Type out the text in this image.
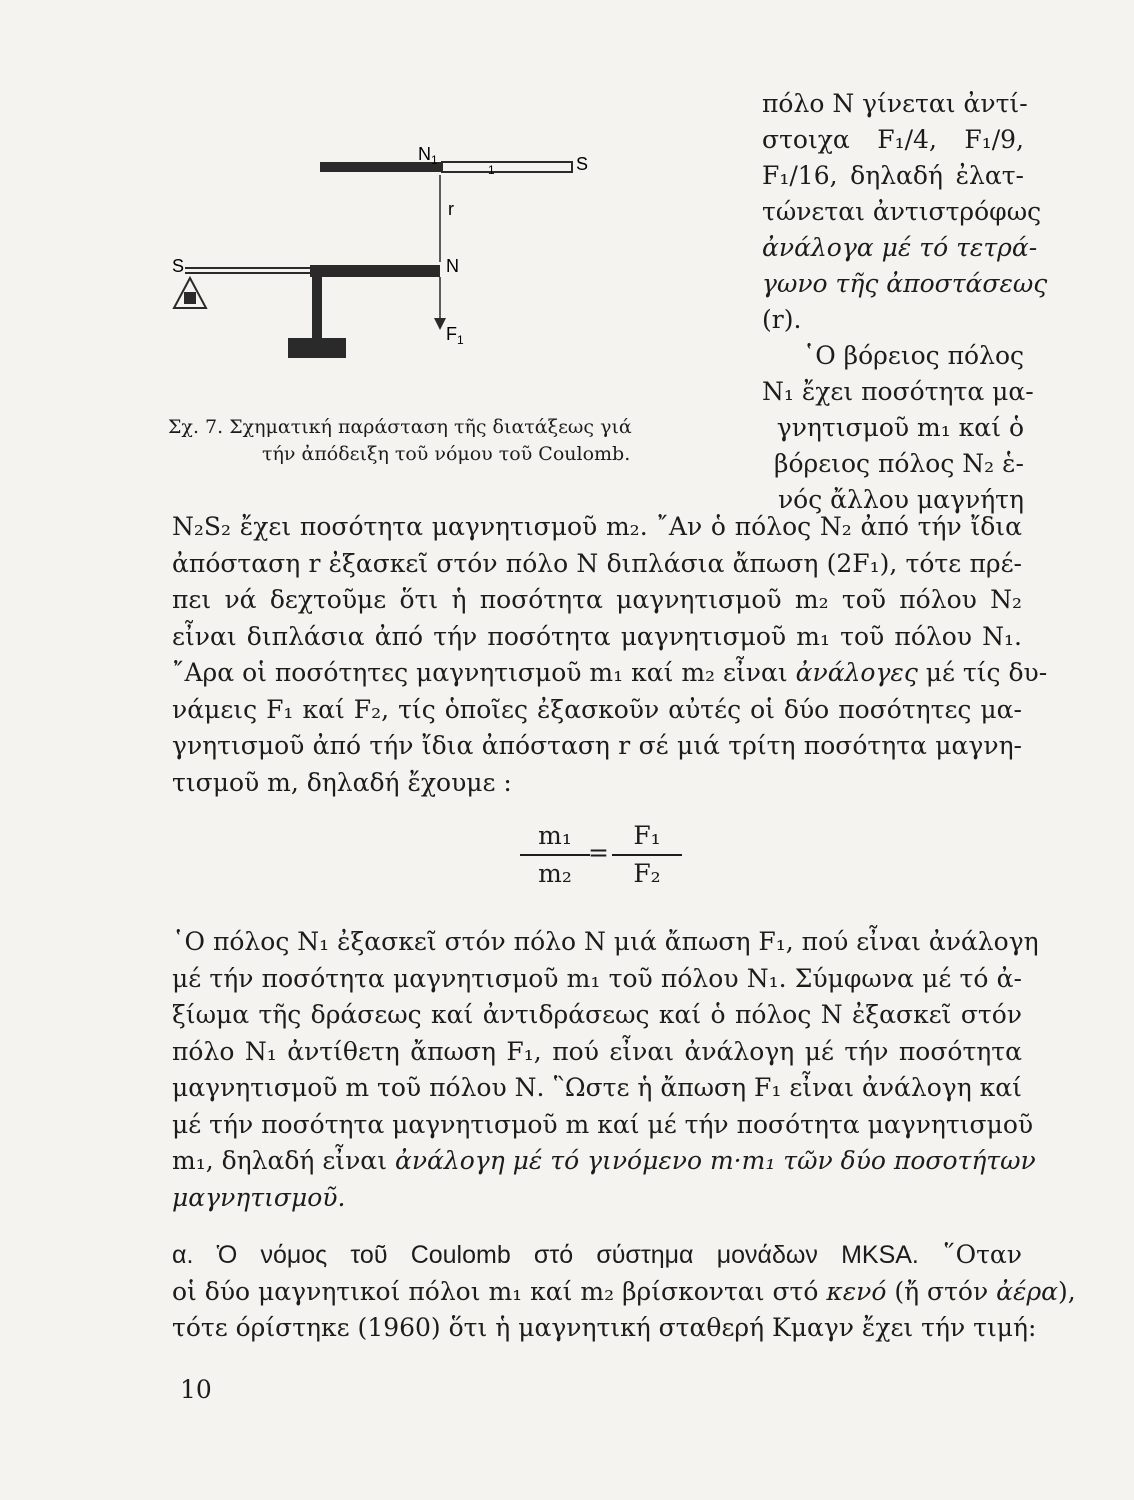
N 1	S
1
r
S	N
F 1
πόλο Ν γίνεται ἀντί-
στοιχα F₁/4, F₁/9,
F₁/16, δηλαδή ἐλατ-
τώνεται ἀντιστρόφως
ἀνάλογα μέ τό τετρά-
γωνο τῆς ἀποστάσεως
(r).
῾Ο βόρειος πόλος
N₁ ἔχει ποσότητα μα-
γνητισμοῦ m₁ καί ὁ
βόρειος πόλος N₂ ἑ-
νός ἄλλου μαγνήτη
Σχ. 7. Σχηματική παράσταση τῆς διατάξεως γιά
τήν ἀπόδειξη τοῦ νόμου τοῦ Coulomb.
N₂S₂ ἔχει ποσότητα μαγνητισμοῦ m₂. ῎Αν ὁ πόλος N₂ ἀπό τήν ἴδια
ἀπόσταση r ἐξασκεῖ στόν πόλο Ν διπλάσια ἄπωση (2F₁), τότε πρέ-
πει νά δεχτοῦμε ὅτι ἡ ποσότητα μαγνητισμοῦ m₂ τοῦ πόλου N₂
εἶναι διπλάσια ἀπό τήν ποσότητα μαγνητισμοῦ m₁ τοῦ πόλου N₁.
῎Αρα οἱ ποσότητες μαγνητισμοῦ m₁ καί m₂ εἶναι ἀνάλογες μέ τίς δυ-
νάμεις F₁ καί F₂, τίς ὁποῖες ἐξασκοῦν αὐτές οἱ δύο ποσότητες μα-
γνητισμοῦ ἀπό τήν ἴδια ἀπόσταση r σέ μιά τρίτη ποσότητα μαγνη-
τισμοῦ m, δηλαδή ἔχουμε :
m₁
m₂
=
F₁
F₂
῾Ο πόλος N₁ ἐξασκεῖ στόν πόλο Ν μιά ἄπωση F₁, πού εἶναι ἀνάλογη
μέ τήν ποσότητα μαγνητισμοῦ m₁ τοῦ πόλου N₁. Σύμφωνα μέ τό ἀ-
ξίωμα τῆς δράσεως καί ἀντιδράσεως καί ὁ πόλος Ν ἐξασκεῖ στόν
πόλο N₁ ἀντίθετη ἄπωση F₁, πού εἶναι ἀνάλογη μέ τήν ποσότητα
μαγνητισμοῦ m τοῦ πόλου Ν. ῝Ωστε ἡ ἄπωση F₁ εἶναι ἀνάλογη καί
μέ τήν ποσότητα μαγνητισμοῦ m καί μέ τήν ποσότητα μαγνητισμοῦ
m₁, δηλαδή εἶναι ἀνάλογη μέ τό γινόμενο m·m₁ τῶν δύο ποσοτήτων
μαγνητισμοῦ.
α. Ὁ νόμος τοῦ Coulomb στό σύστημα μονάδων MKSA. ῞Οταν
οἱ δύο μαγνητικοί πόλοι m₁ καί m₂ βρίσκονται στό κενό (ἤ στόν ἀέρα),
τότε όρίστηκε (1960) ὅτι ἡ μαγνητική σταθερή Kμαγν ἔχει τήν τιμή:
10
